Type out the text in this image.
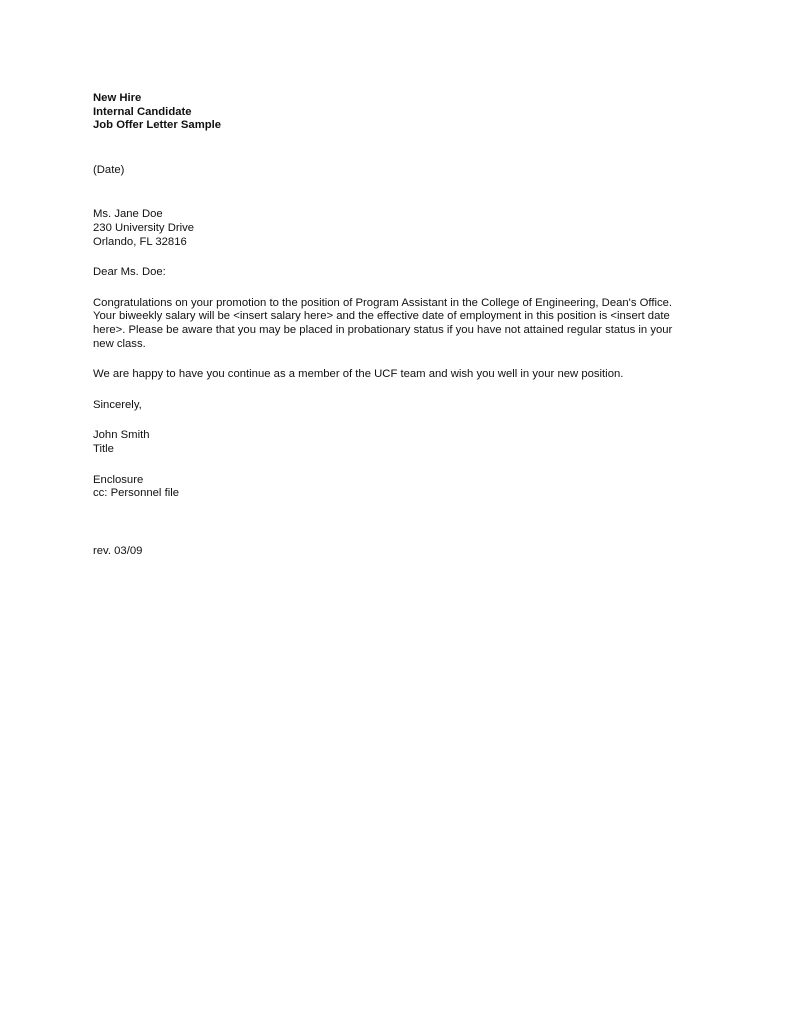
New Hire
Internal Candidate
Job Offer Letter Sample
(Date)
Ms. Jane Doe
230 University Drive
Orlando, FL 32816
Dear Ms. Doe:
Congratulations on your promotion to the position of Program Assistant in the College of Engineering, Dean's Office.
Your biweekly salary will be <insert salary here> and the effective date of employment in this position is <insert date
here>. Please be aware that you may be placed in probationary status if you have not attained regular status in your
new class.
We are happy to have you continue as a member of the UCF team and wish you well in your new position.
Sincerely,
John Smith
Title
Enclosure
cc: Personnel file
rev. 03/09
